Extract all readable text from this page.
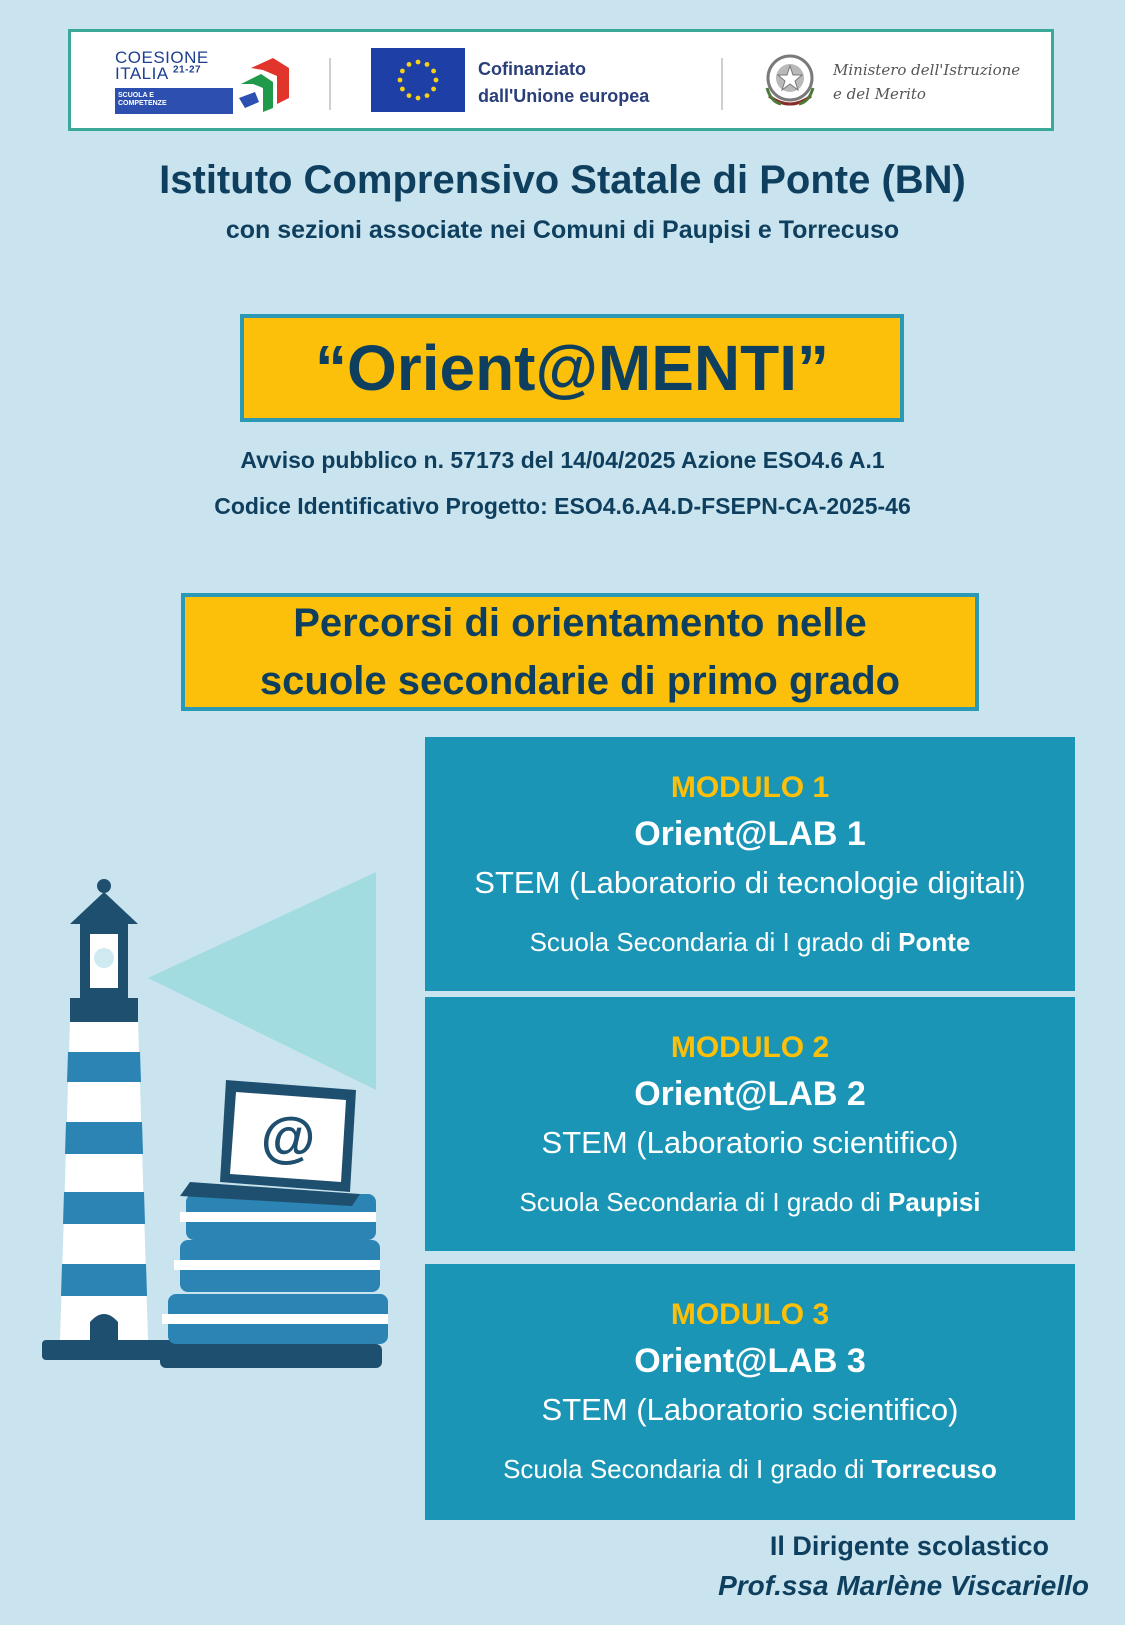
COESIONE
ITALIA $^{21-27}$
SCUOLA E
COMPETENZE
Cofinanziato
dall'Unione europea
Ministero dell'Istruzione
e del Merito
Istituto Comprensivo Statale di Ponte (BN)
con sezioni associate nei Comuni di Paupisi e Torrecuso
“Orient@MENTI”
Avviso pubblico n. 57173 del 14/04/2025 Azione ESO4.6 A.1
Codice Identificativo Progetto: ESO4.6.A4.D-FSEPN-CA-2025-46
Percorsi di orientamento nelle
scuole secondarie di primo grado
@
MODULO 1
Orient@LAB 1
STEM (Laboratorio di tecnologie digitali)
Scuola Secondaria di I grado di Ponte
MODULO 2
Orient@LAB 2
STEM (Laboratorio scientifico)
Scuola Secondaria di I grado di Paupisi
MODULO 3
Orient@LAB 3
STEM (Laboratorio scientifico)
Scuola Secondaria di I grado di Torrecuso
Il Dirigente scolastico
Prof.ssa Marlène Viscariello
